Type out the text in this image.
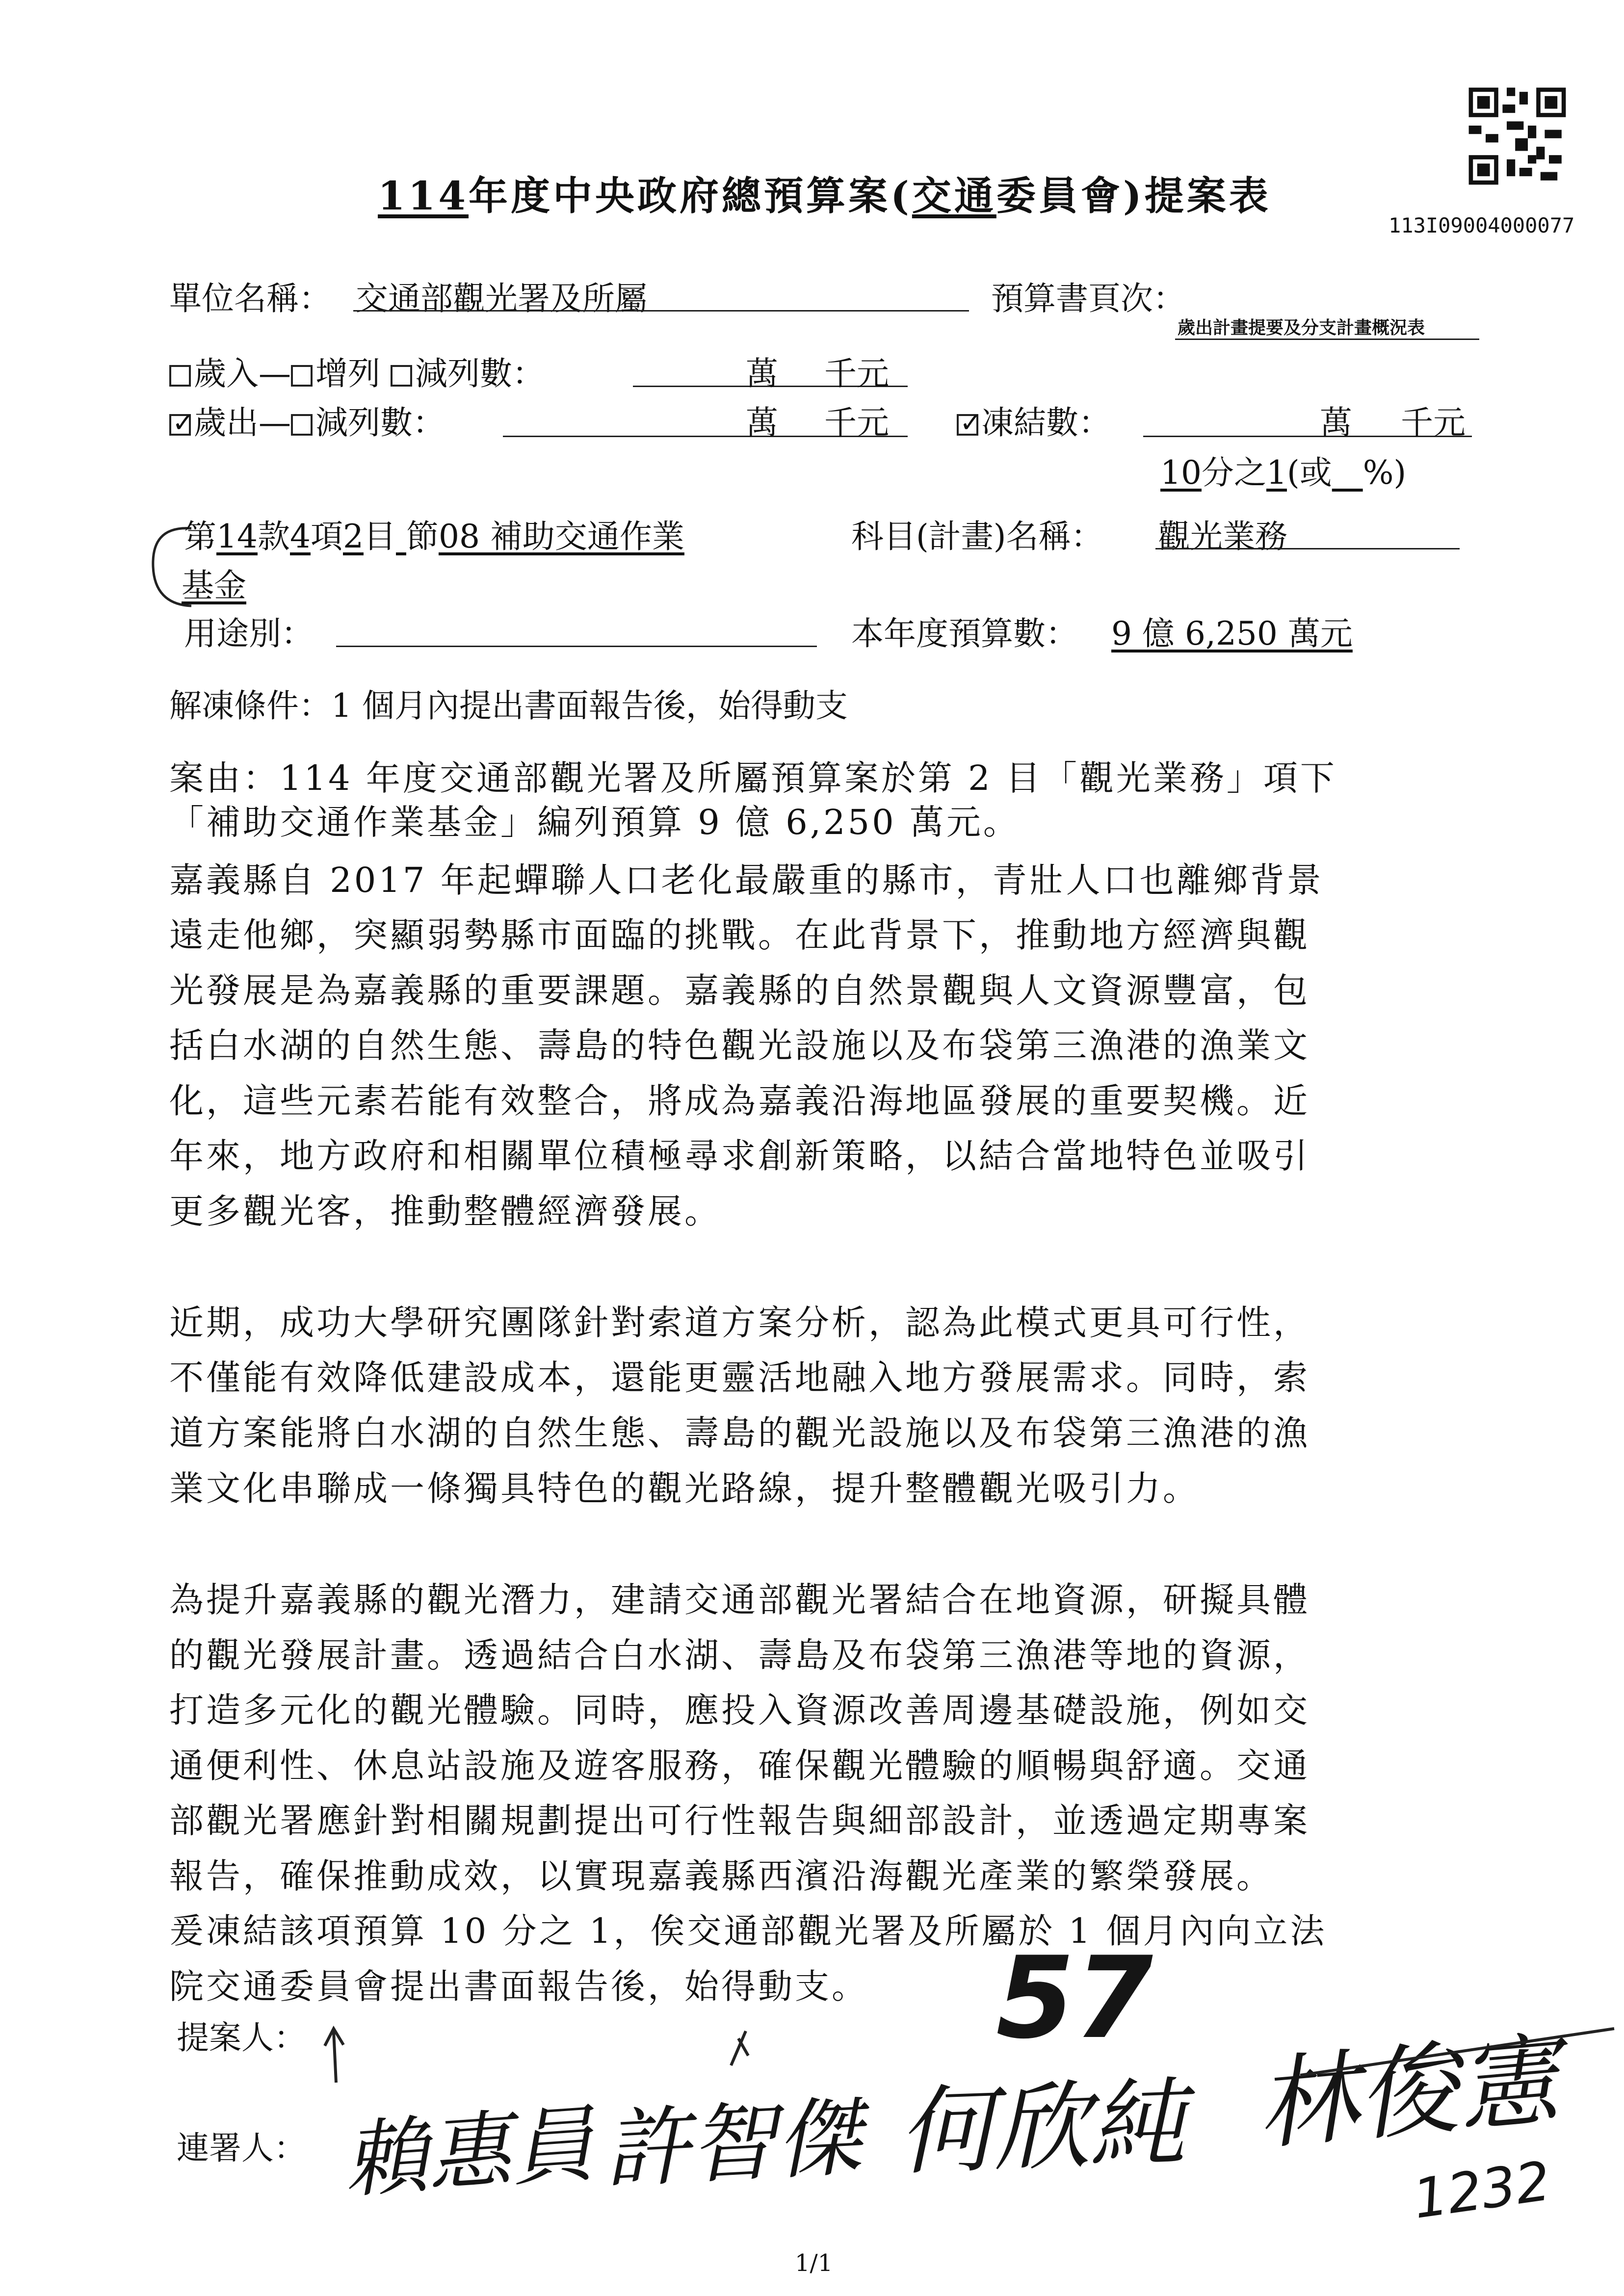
113I09004000077
114年度中央政府總預算案(交通委員會)提案表
單位名稱： 交通部觀光署及所屬	預算書頁次：
歲出計畫提要及分支計畫概況表
歲入— 增列 減列數：	萬 千元
✓歲出— 減列數：	萬 千元
✓	凍結數：	萬 千元
10分之1(或 %)
第14款4項2目 節08 補助交通作業	科目(計畫)名稱： 觀光業務
基金
用途別：	本年度預算數： 9 億 6,250 萬元
解凍條件：1 個月內提出書面報告後，始得動支
案由：114 年度交通部觀光署及所屬預算案於第 2 目「觀光業務」項下
「補助交通作業基金」編列預算 9 億 6,250 萬元。
嘉義縣自 2017 年起蟬聯人口老化最嚴重的縣市，青壯人口也離鄉背景
遠走他鄉，突顯弱勢縣市面臨的挑戰。在此背景下，推動地方經濟與觀
光發展是為嘉義縣的重要課題。嘉義縣的自然景觀與人文資源豐富，包
括白水湖的自然生態、壽島的特色觀光設施以及布袋第三漁港的漁業文
化，這些元素若能有效整合，將成為嘉義沿海地區發展的重要契機。近
年來，地方政府和相關單位積極尋求創新策略，以結合當地特色並吸引
更多觀光客，推動整體經濟發展。
近期，成功大學研究團隊針對索道方案分析，認為此模式更具可行性，
不僅能有效降低建設成本，還能更靈活地融入地方發展需求。同時，索
道方案能將白水湖的自然生態、壽島的觀光設施以及布袋第三漁港的漁
業文化串聯成一條獨具特色的觀光路線，提升整體觀光吸引力。
為提升嘉義縣的觀光潛力，建請交通部觀光署結合在地資源，研擬具體
的觀光發展計畫。透過結合白水湖、壽島及布袋第三漁港等地的資源，
打造多元化的觀光體驗。同時，應投入資源改善周邊基礎設施，例如交
通便利性、休息站設施及遊客服務，確保觀光體驗的順暢與舒適。交通
部觀光署應針對相關規劃提出可行性報告與細部設計，並透過定期專案
報告，確保推動成效，以實現嘉義縣西濱沿海觀光產業的繁榮發展。
爰凍結該項預算 10 分之 1，俟交通部觀光署及所屬於 1 個月內向立法
院交通委員會提出書面報告後，始得動支。
提案人：
連署人：
57
1232
賴惠員 許智傑 何欣純 林俊憲
1/1
